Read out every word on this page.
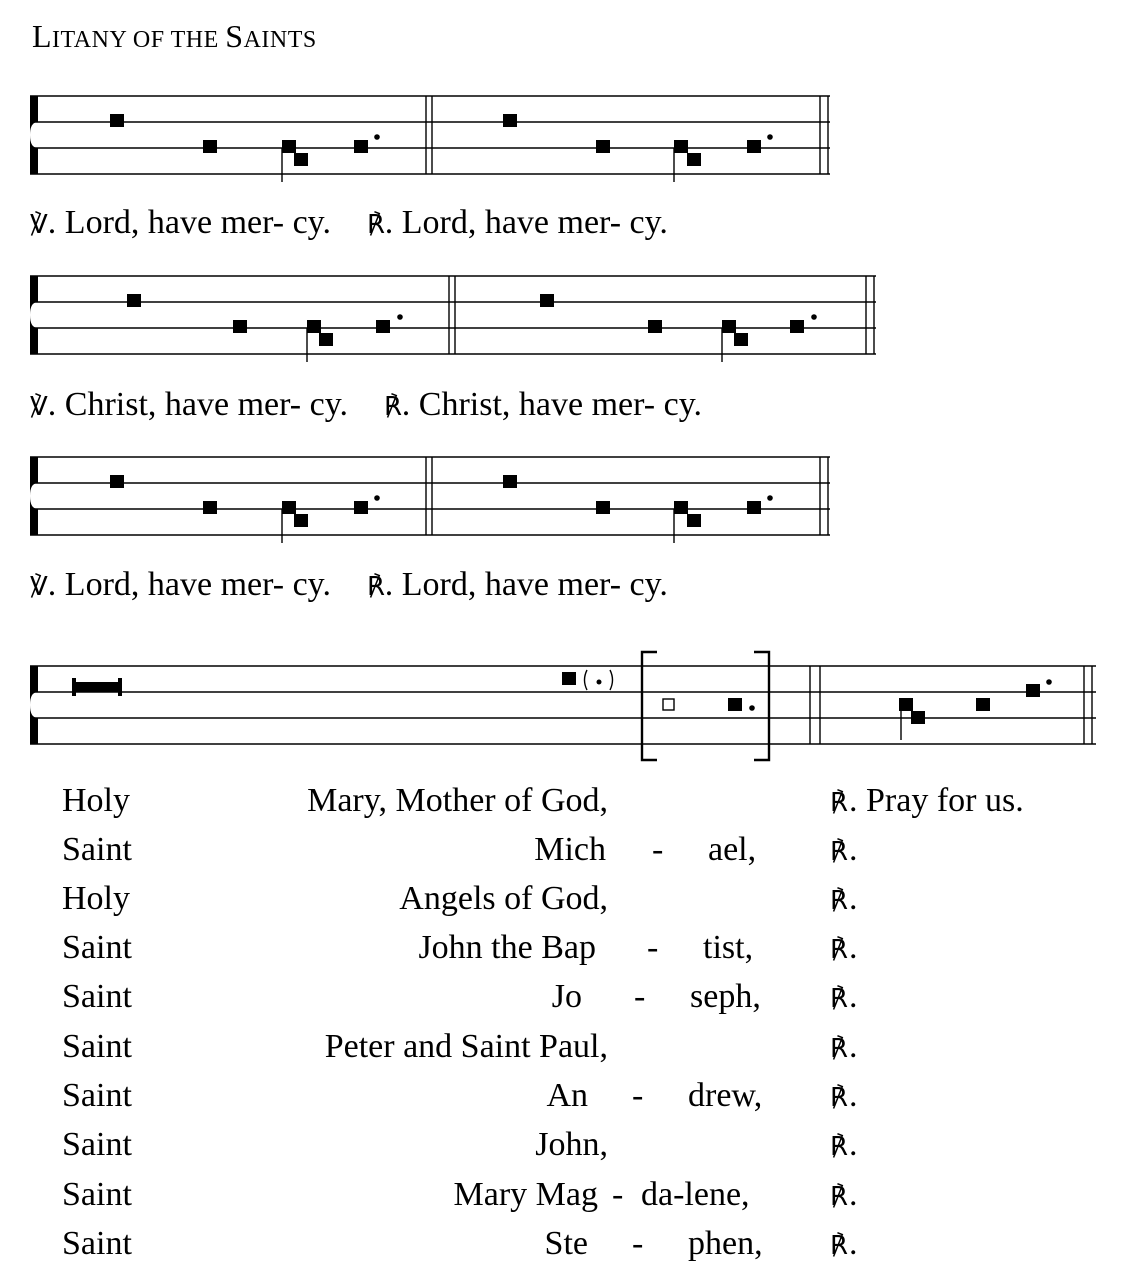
LITANY OF THE SAINTS
℣. Lord, have mer- cy. ℟. Lord, have mer- cy.
℣. Christ, have mer- cy. ℟. Christ, have mer- cy.
℣. Lord, have mer- cy. ℟. Lord, have mer- cy.
Holy	Mary, Mother of God,	℟ . Pray for us.
Saint	Mich - ael,	℟ .
Holy	Angels of God,	℟ .
Saint	John the Bap - tist,	℟ .
Saint	Jo - seph,	℟ .
Saint	Peter and Saint Paul,	℟ .
Saint	An - drew,	℟ .
Saint	John,	℟ .
Saint	Mary Mag - da-lene,	℟ .
Saint	Ste - phen,	℟ .
